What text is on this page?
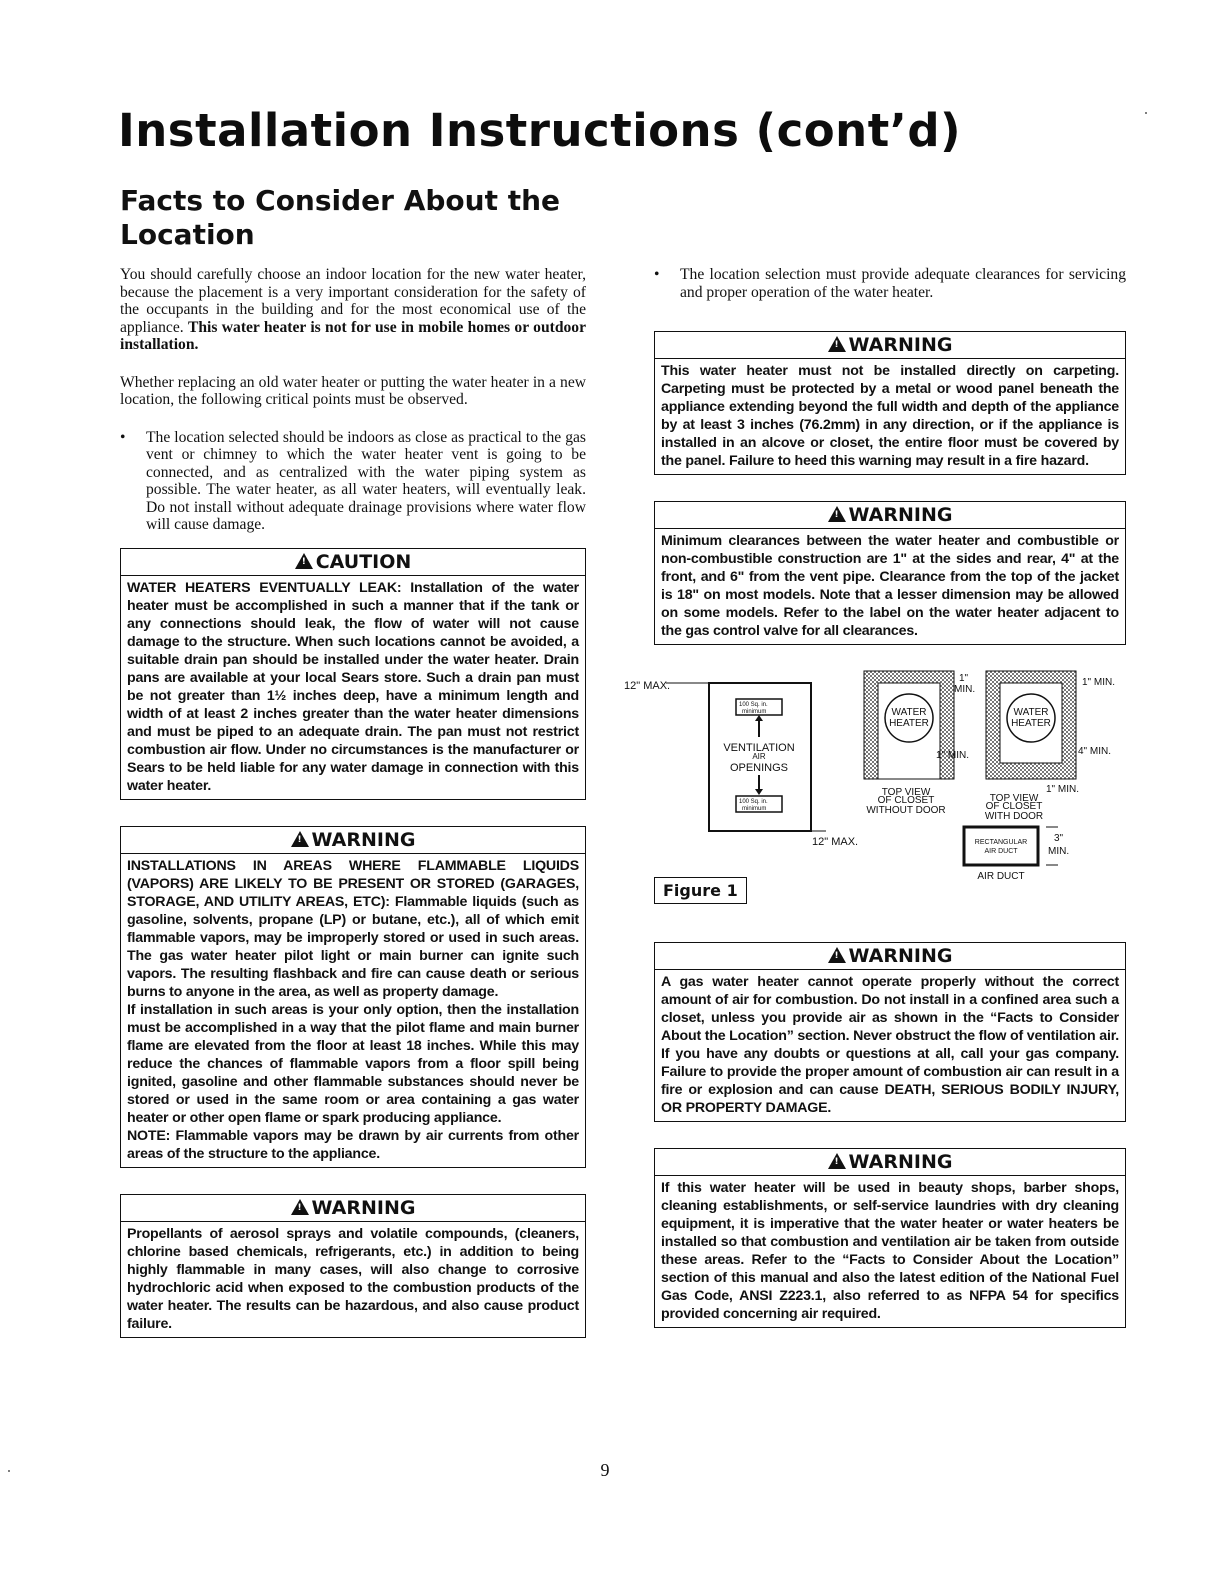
Installation Instructions (cont’d)
Facts to Consider About the Location

You should carefully choose an indoor location for the new water heater, because the placement is a very important consideration for the safety of the occupants in the building and for the most economical use of the appliance. This water heater is not for use in mobile homes or outdoor installation.

Whether replacing an old water heater or putting the water heater in a new location, the following critical points must be observed.

• The location selected should be indoors as close as practical to the gas vent or chimney to which the water heater vent is going to be connected, and as centralized with the water piping system as possible. The water heater, as all water heaters, will eventually leak. Do not install without adequate drainage provisions where water flow will cause damage.
!CAUTION

WATER HEATERS EVENTUALLY LEAK: Installation of the water heater must be accomplished in such a manner that if the tank or any connections should leak, the flow of water will not cause damage to the structure. When such locations cannot be avoided, a suitable drain pan should be installed under the water heater. Drain pans are available at your local Sears store. Such a drain pan must be not greater than 1½ inches deep, have a minimum length and width of at least 2 inches greater than the water heater dimensions and must be piped to an adequate drain. The pan must not restrict combustion air flow. Under no circumstances is the manufacturer or Sears to be held liable for any water damage in connection with this water heater.

!WARNING

INSTALLATIONS IN AREAS WHERE FLAMMABLE LIQUIDS (VAPORS) ARE LIKELY TO BE PRESENT OR STORED (GARAGES, STORAGE, AND UTILITY AREAS, ETC): Flammable liquids (such as gasoline, solvents, propane (LP) or butane, etc.), all of which emit flammable vapors, may be improperly stored or used in such areas. The gas water heater pilot light or main burner can ignite such vapors. The resulting flashback and fire can cause death or serious burns to anyone in the area, as well as property damage.

If installation in such areas is your only option, then the installation must be accomplished in a way that the pilot flame and main burner flame are elevated from the floor at least 18 inches. While this may reduce the chances of flammable vapors from a floor spill being ignited, gasoline and other flammable substances should never be stored or used in the same room or area containing a gas water heater or other open flame or spark producing appliance.

NOTE: Flammable vapors may be drawn by air currents from other areas of the structure to the appliance.

!WARNING

Propellants of aerosol sprays and volatile compounds, (cleaners, chlorine based chemicals, refrigerants, etc.) in addition to being highly flammable in many cases, will also change to corrosive hydrochloric acid when exposed to the combustion products of the water heater. The results can be hazardous, and also cause product failure.

• The location selection must provide adequate clearances for servicing and proper operation of the water heater.
!WARNING

This water heater must not be installed directly on carpeting. Carpeting must be protected by a metal or wood panel beneath the appliance extending beyond the full width and depth of the appliance by at least 3 inches (76.2mm) in any direction, or if the appliance is installed in an alcove or closet, the entire floor must be covered by the panel. Failure to heed this warning may result in a fire hazard.

!WARNING

Minimum clearances between the water heater and combustible or non-combustible construction are 1" at the sides and rear, 4" at the front, and 6" from the vent pipe. Clearance from the top of the jacket is 18" on most models. Note that a lesser dimension may be allowed on some models. Refer to the label on the water heater adjacent to the gas control valve for all clearances.

12" MAX.
100 Sq. in.
minimum
VENTILATION
AIR
OPENINGS
100 Sq. in.
minimum
12" MAX.
WATER
HEATER
1"
MIN.
1" MIN.
TOP VIEW
OF CLOSET
WITHOUT DOOR
WATER
HEATER
1" MIN.
4" MIN.
1" MIN.
TOP VIEW
OF CLOSET
WITH DOOR
RECTANGULAR
AIR DUCT
3"
MIN.
AIR DUCT
Figure 1
!WARNING

A gas water heater cannot operate properly without the correct amount of air for combustion. Do not install in a confined area such a closet, unless you provide air as shown in the “Facts to Consider About the Location” section. Never obstruct the flow of ventilation air. If you have any doubts or questions at all, call your gas company. Failure to provide the proper amount of combustion air can result in a fire or explosion and can cause DEATH, SERIOUS BODILY INJURY, OR PROPERTY DAMAGE.

!WARNING

If this water heater will be used in beauty shops, barber shops, cleaning establishments, or self-service laundries with dry cleaning equipment, it is imperative that the water heater or water heaters be installed so that combustion and ventilation air be taken from outside these areas. Refer to the “Facts to Consider About the Location” section of this manual and also the latest edition of the National Fuel Gas Code, ANSI Z223.1, also referred to as NFPA 54 for specifics provided concerning air required.

9
